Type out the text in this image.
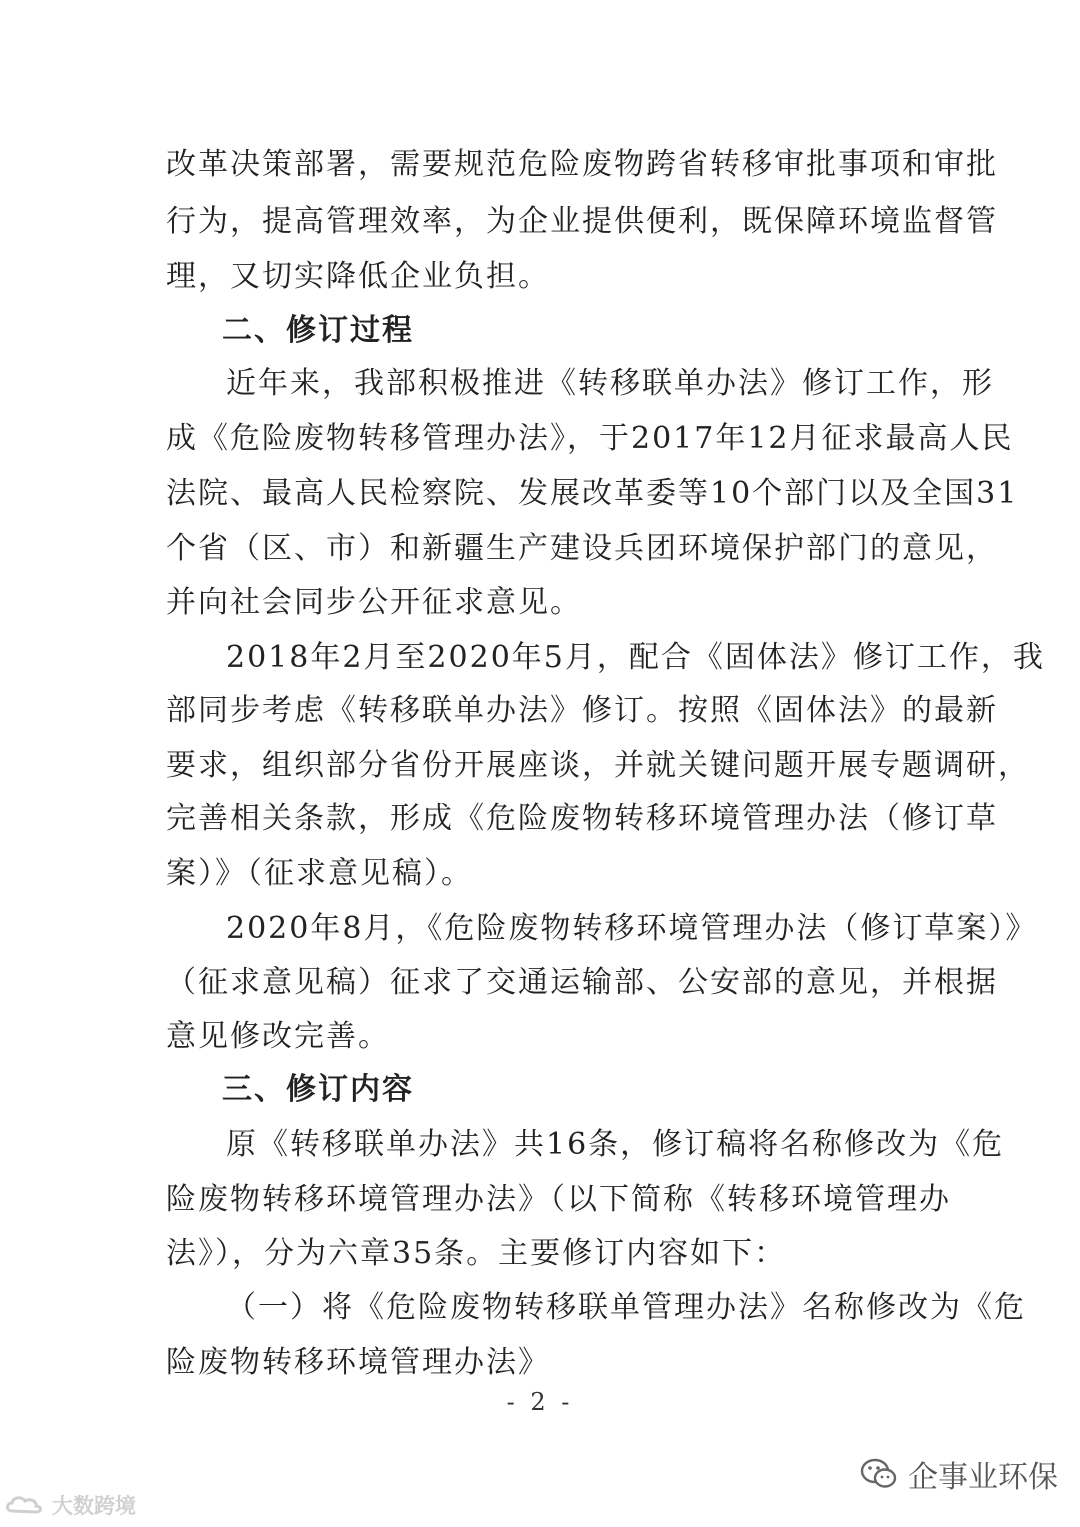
改革决策部署，需要规范危险废物跨省转移审批事项和审批
行为，提高管理效率，为企业提供便利，既保障环境监督管
理，又切实降低企业负担。
二、修订过程
近年来，我部积极推进《转移联单办法》修订工作，形
成《危险废物转移管理办法》，于2017年12月征求最高人民
法院、最高人民检察院、发展改革委等10个部门以及全国31
个省（区、市）和新疆生产建设兵团环境保护部门的意见，
并向社会同步公开征求意见。
2018年2月至2020年5月，配合《固体法》修订工作，我
部同步考虑《转移联单办法》修订。按照《固体法》的最新
要求，组织部分省份开展座谈，并就关键问题开展专题调研，
完善相关条款，形成《危险废物转移环境管理办法（修订草
案）》（征求意见稿）。
2020年8月，《危险废物转移环境管理办法（修订草案）》
（征求意见稿）征求了交通运输部、公安部的意见，并根据
意见修改完善。
三、修订内容
原《转移联单办法》共16条，修订稿将名称修改为《危
险废物转移环境管理办法》（以下简称《转移环境管理办
法》），分为六章35条。主要修订内容如下：
（一）将《危险废物转移联单管理办法》名称修改为《危
险废物转移环境管理办法》
- 2 -
大数跨境
企事业环保
